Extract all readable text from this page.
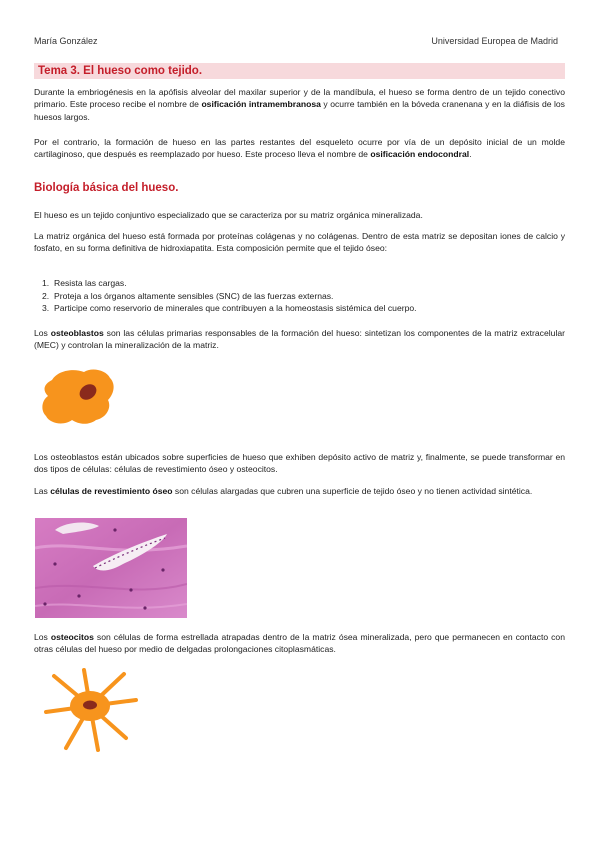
María González	Universidad Europea de Madrid
Tema 3. El hueso como tejido.
Durante la embriogénesis en la apófisis alveolar del maxilar superior y de la mandíbula, el hueso se forma dentro de un tejido conectivo primario. Este proceso recibe el nombre de osificación intramembranosa y ocurre también en la bóveda cranenana y en la diáfisis de los huesos largos.
Por el contrario, la formación de hueso en las partes restantes del esqueleto ocurre por vía de un depósito inicial de un molde cartilaginoso, que después es reemplazado por hueso. Este proceso lleva el nombre de osificación endocondral.
Biología básica del hueso.
El hueso es un tejido conjuntivo especializado que se caracteriza por su matriz orgánica mineralizada.
La matriz orgánica del hueso está formada por proteínas colágenas y no colágenas. Dentro de esta matriz se depositan iones de calcio y fosfato, en su forma definitiva de hidroxiapatita. Esta composición permite que el tejido óseo:
1. Resista las cargas.
2. Proteja a los órganos altamente sensibles (SNC) de las fuerzas externas.
3. Participe como reservorio de minerales que contribuyen a la homeostasis sistémica del cuerpo.
Los osteoblastos son las células primarias responsables de la formación del hueso: sintetizan los componentes de la matriz extracelular (MEC) y controlan la mineralización de la matriz.
Los osteoblastos están ubicados sobre superficies de hueso que exhiben depósito activo de matriz y, finalmente, se puede transformar en dos tipos de células: células de revestimiento óseo y osteocitos.
Las células de revestimiento óseo son células alargadas que cubren una superficie de tejido óseo y no tienen actividad sintética.
Los osteocitos son células de forma estrellada atrapadas dentro de la matriz ósea mineralizada, pero que permanecen en contacto con otras células del hueso por medio de delgadas prolongaciones citoplasmáticas.
